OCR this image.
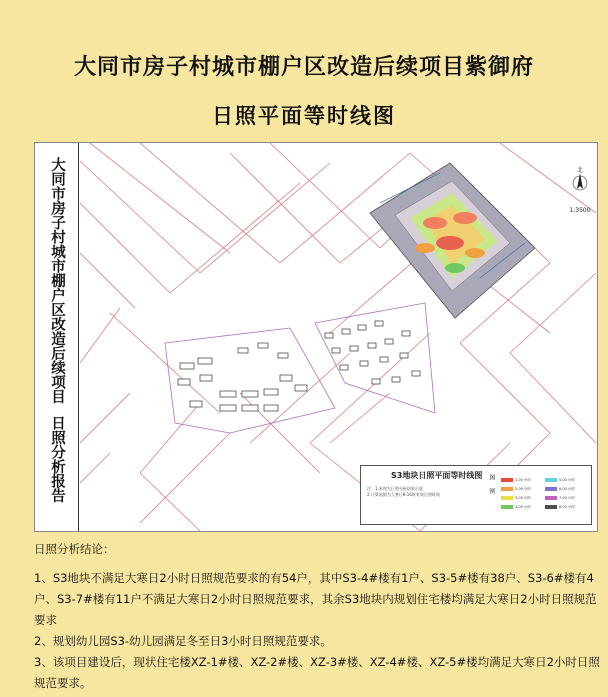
大同市房子村城市棚户区改造后续项目紫御府
日照平面等时线图
大同市房子村城市棚户区改造后续项目日照分析报告
北
1:3500
S3地块日照平面等时线图
注：1.本图为日照分析结果示意
2.计算依据为大寒日8-16时有效日照时间	图例	1.00 小时
2.00 小时
3.00 小时
4.00 小时
5.00 小时
6.00 小时
7.00 小时
8.00 小时

日照分析结论：

1、S3地块不满足大寒日2小时日照规范要求的有54户，其中S3-4#楼有1户、S3-5#楼有38户、S3-6#楼有4户、S3-7#楼有11户不满足大寒日2小时日照规范要求，其余S3地块内规划住宅楼均满足大寒日2小时日照规范要求

2、规划幼儿园S3-幼儿园满足冬至日3小时日照规范要求。

3、该项目建设后，现状住宅楼XZ-1#楼、XZ-2#楼、XZ-3#楼、XZ-4#楼、XZ-5#楼均满足大寒日2小时日照规范要求。
